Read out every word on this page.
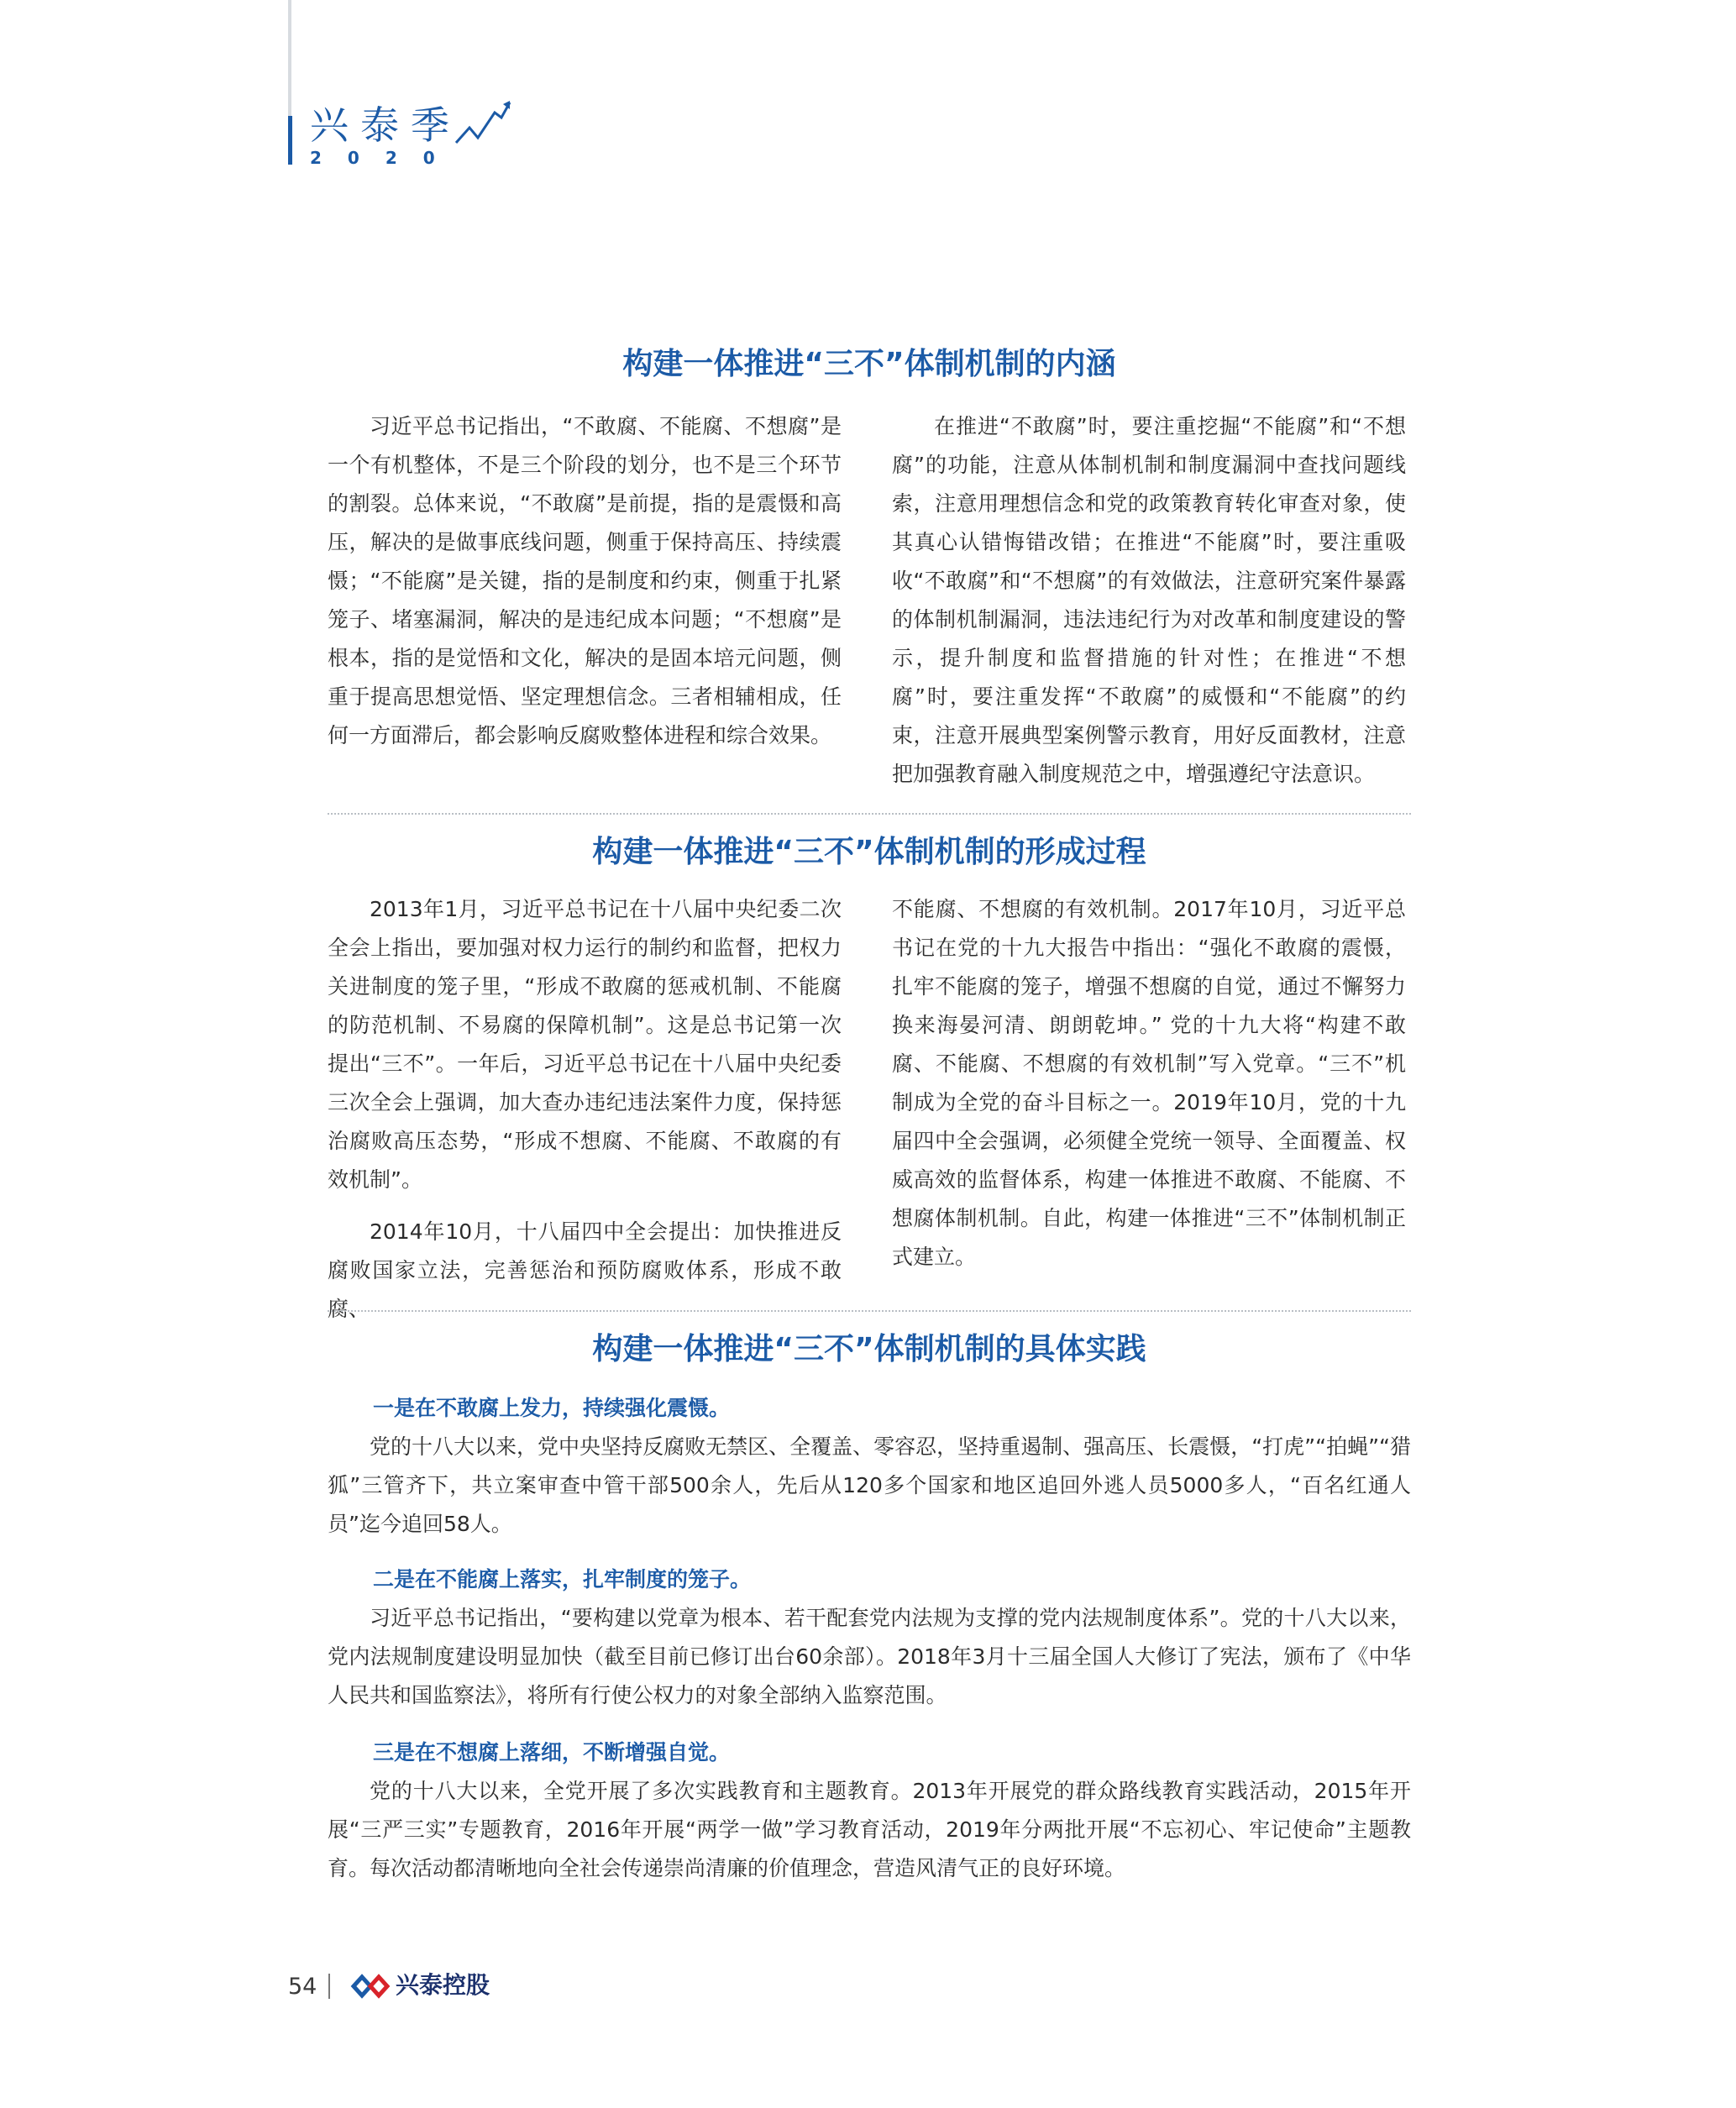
兴泰季
2020
构建一体推进“三不”体制机制的内涵

习近平总书记指出，“不敢腐、不能腐、不想腐”是一个有机整体，不是三个阶段的划分，也不是三个环节的割裂。总体来说，“不敢腐”是前提，指的是震慑和高压，解决的是做事底线问题，侧重于保持高压、持续震慑；“不能腐”是关键，指的是制度和约束，侧重于扎紧笼子、堵塞漏洞，解决的是违纪成本问题；“不想腐”是根本，指的是觉悟和文化，解决的是固本培元问题，侧重于提高思想觉悟、坚定理想信念。三者相辅相成，任何一方面滞后，都会影响反腐败整体进程和综合效果。

在推进“不敢腐”时，要注重挖掘“不能腐”和“不想腐”的功能，注意从体制机制和制度漏洞中查找问题线索，注意用理想信念和党的政策教育转化审查对象，使其真心认错悔错改错；在推进“不能腐”时，要注重吸收“不敢腐”和“不想腐”的有效做法，注意研究案件暴露的体制机制漏洞，违法违纪行为对改革和制度建设的警示，提升制度和监督措施的针对性；在推进“不想腐”时，要注重发挥“不敢腐”的威慑和“不能腐”的约束，注意开展典型案例警示教育，用好反面教材，注意把加强教育融入制度规范之中，增强遵纪守法意识。

构建一体推进“三不”体制机制的形成过程

2013年1月，习近平总书记在十八届中央纪委二次全会上指出，要加强对权力运行的制约和监督，把权力关进制度的笼子里，“形成不敢腐的惩戒机制、不能腐的防范机制、不易腐的保障机制”。这是总书记第一次提出“三不”。一年后，习近平总书记在十八届中央纪委三次全会上强调，加大查办违纪违法案件力度，保持惩治腐败高压态势，“形成不想腐、不能腐、不敢腐的有效机制”。

2014年10月，十八届四中全会提出：加快推进反腐败国家立法，完善惩治和预防腐败体系，形成不敢腐、

不能腐、不想腐的有效机制。2017年10月，习近平总书记在党的十九大报告中指出：“强化不敢腐的震慑，扎牢不能腐的笼子，增强不想腐的自觉，通过不懈努力换来海晏河清、朗朗乾坤。” 党的十九大将“构建不敢腐、不能腐、不想腐的有效机制”写入党章。“三不”机制成为全党的奋斗目标之一。2019年10月，党的十九届四中全会强调，必须健全党统一领导、全面覆盖、权威高效的监督体系，构建一体推进不敢腐、不能腐、不想腐体制机制。自此，构建一体推进“三不”体制机制正式建立。

构建一体推进“三不”体制机制的具体实践
一是在不敢腐上发力，持续强化震慑。

党的十八大以来，党中央坚持反腐败无禁区、全覆盖、零容忍，坚持重遏制、强高压、长震慑，“打虎”“拍蝇”“猎狐”三管齐下，共立案审查中管干部500余人，先后从120多个国家和地区追回外逃人员5000多人，“百名红通人员”迄今追回58人。

二是在不能腐上落实，扎牢制度的笼子。

习近平总书记指出，“要构建以党章为根本、若干配套党内法规为支撑的党内法规制度体系”。党的十八大以来，党内法规制度建设明显加快（截至目前已修订出台60余部）。2018年3月十三届全国人大修订了宪法，颁布了《中华人民共和国监察法》，将所有行使公权力的对象全部纳入监察范围。

三是在不想腐上落细，不断增强自觉。

党的十八大以来，全党开展了多次实践教育和主题教育。2013年开展党的群众路线教育实践活动，2015年开展“三严三实”专题教育，2016年开展“两学一做”学习教育活动，2019年分两批开展“不忘初心、牢记使命”主题教育。每次活动都清晰地向全社会传递崇尚清廉的价值理念，营造风清气正的良好环境。

54	兴泰控股
